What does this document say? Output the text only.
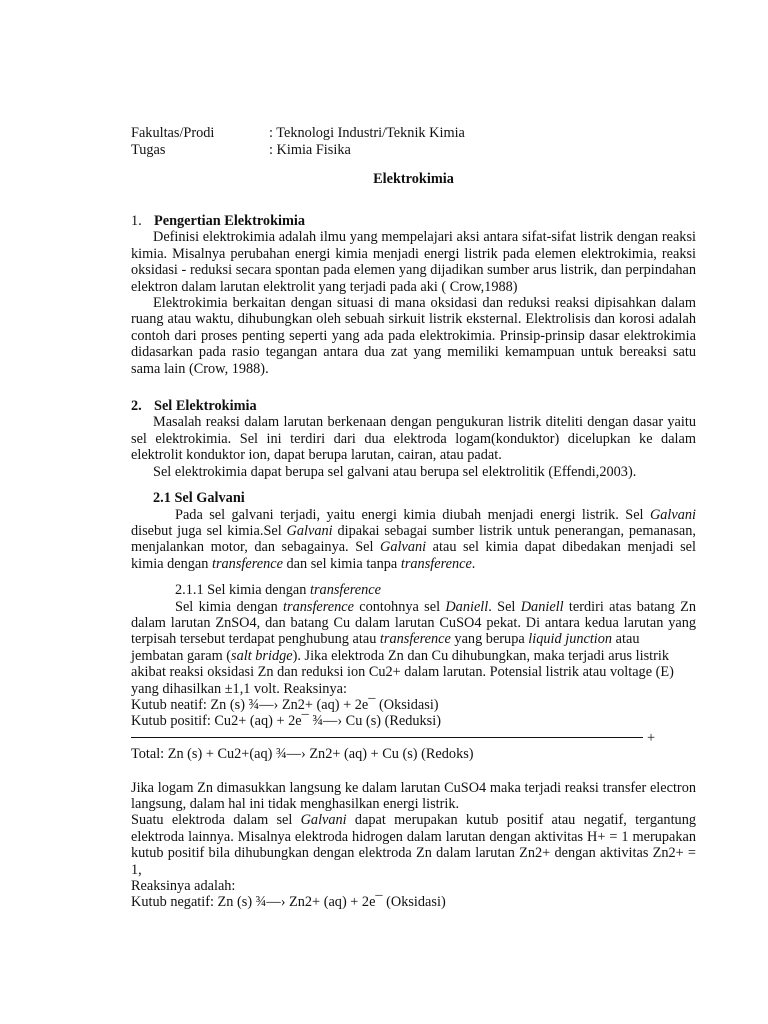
Fakultas/Prodi	: Teknologi Industri/Teknik Kimia
Tugas	: Kimia Fisika
Elektrokimia
1. Pengertian Elektrokimia

Definisi elektrokimia adalah ilmu yang mempelajari aksi antara sifat-sifat listrik dengan reaksi kimia. Misalnya perubahan energi kimia menjadi energi listrik pada elemen elektrokimia, reaksi oksidasi - reduksi secara spontan pada elemen yang dijadikan sumber arus listrik, dan perpindahan elektron dalam larutan elektrolit yang terjadi pada aki ( Crow,1988)

Elektrokimia berkaitan dengan situasi di mana oksidasi dan reduksi reaksi dipisahkan dalam ruang atau waktu, dihubungkan oleh sebuah sirkuit listrik eksternal. Elektrolisis dan korosi adalah contoh dari proses penting seperti yang ada pada elektrokimia. Prinsip-prinsip dasar elektrokimia didasarkan pada rasio tegangan antara dua zat yang memiliki kemampuan untuk bereaksi satu sama lain (Crow, 1988).

2. Sel Elektrokimia

Masalah reaksi dalam larutan berkenaan dengan pengukuran listrik diteliti dengan dasar yaitu sel elektrokimia. Sel ini terdiri dari dua elektroda logam(konduktor) dicelupkan ke dalam elektrolit konduktor ion, dapat berupa larutan, cairan, atau padat.

Sel elektrokimia dapat berupa sel galvani atau berupa sel elektrolitik (Effendi,2003).

2.1 Sel Galvani

Pada sel galvani terjadi, yaitu energi kimia diubah menjadi energi listrik. Sel Galvani disebut juga sel kimia.Sel Galvani dipakai sebagai sumber listrik untuk penerangan, pemanasan, menjalankan motor, dan sebagainya. Sel Galvani atau sel kimia dapat dibedakan menjadi sel kimia dengan transference dan sel kimia tanpa transference.

2.1.1 Sel kimia dengan transference

Sel kimia dengan transference contohnya sel Daniell. Sel Daniell terdiri atas batang Zn dalam larutan ZnSO4, dan batang Cu dalam larutan CuSO4 pekat. Di antara kedua larutan yang terpisah tersebut terdapat penghubung atau transference yang berupa liquid junction atau

jembatan garam (salt bridge). Jika elektroda Zn dan Cu dihubungkan, maka terjadi arus listrik

akibat reaksi oksidasi Zn dan reduksi ion Cu2+ dalam larutan. Potensial listrik atau voltage (E)

yang dihasilkan ±1,1 volt. Reaksinya:

Kutub neatif: Zn (s) ¾—› Zn2+ (aq) + 2e¯ (Oksidasi)

Kutub positif: Cu2+ (aq) + 2e¯ ¾—› Cu (s) (Reduksi)

+

Total: Zn (s) + Cu2+(aq) ¾—› Zn2+ (aq) + Cu (s) (Redoks)

Jika logam Zn dimasukkan langsung ke dalam larutan CuSO4 maka terjadi reaksi transfer electron langsung, dalam hal ini tidak menghasilkan energi listrik.

Suatu elektroda dalam sel Galvani dapat merupakan kutub positif atau negatif, tergantung elektroda lainnya. Misalnya elektroda hidrogen dalam larutan dengan aktivitas H+ = 1 merupakan kutub positif bila dihubungkan dengan elektroda Zn dalam larutan Zn2+ dengan aktivitas Zn2+ = 1,

Reaksinya adalah:

Kutub negatif: Zn (s) ¾—› Zn2+ (aq) + 2e¯ (Oksidasi)
